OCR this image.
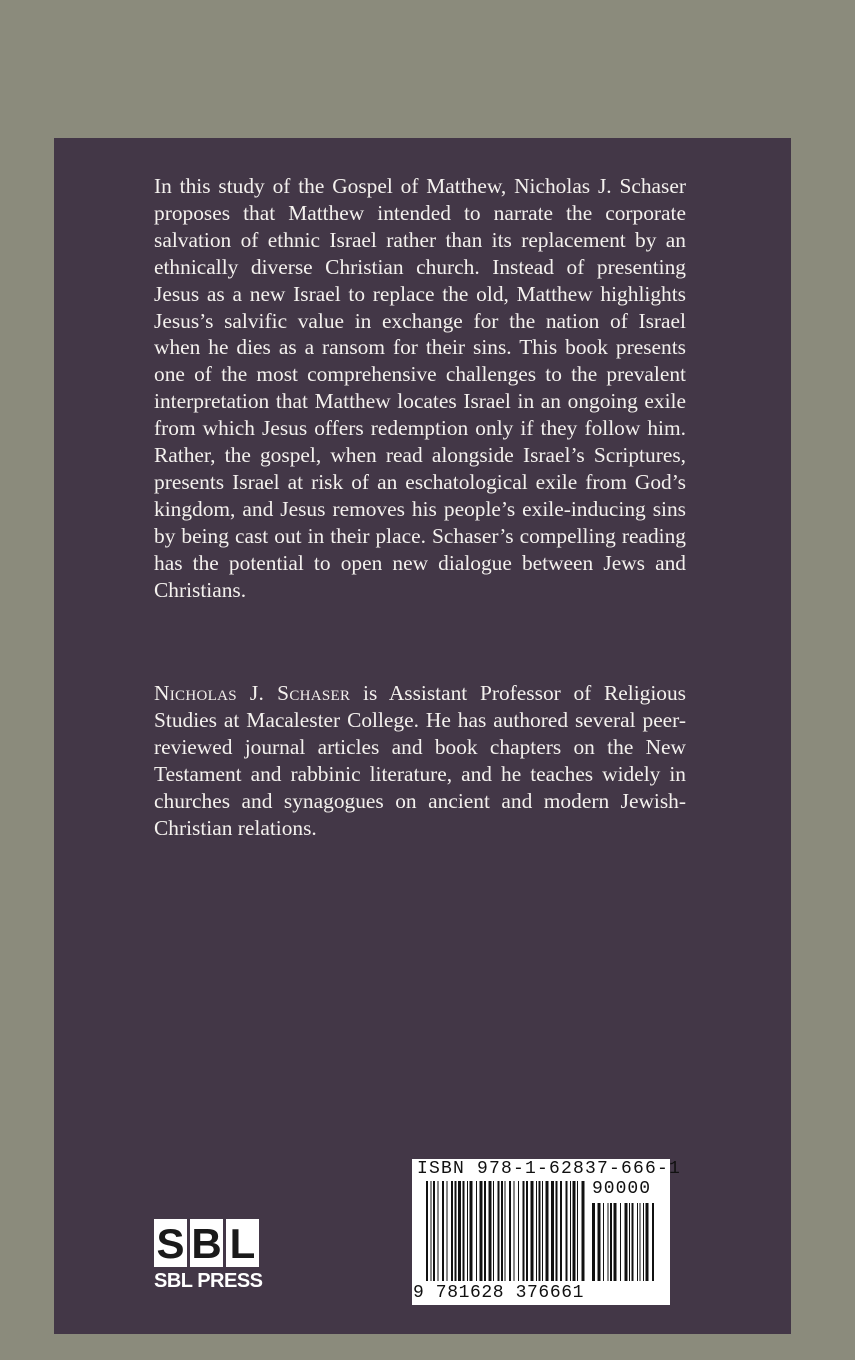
In this study of the Gospel of Matthew, Nicholas J. Schaser proposes that Matthew intended to narrate the corporate salvation of ethnic Israel rather than its replacement by an ethnically diverse Christian church. Instead of presenting Jesus as a new Israel to replace the old, Matthew highlights Jesus’s salvific value in exchange for the nation of Israel when he dies as a ransom for their sins. This book presents one of the most comprehensive challenges to the prevalent interpretation that Matthew locates Israel in an ongoing exile from which Jesus offers redemption only if they follow him. Rather, the gospel, when read alongside Israel’s Scriptures, presents Israel at risk of an eschatological exile from God’s kingdom, and Jesus removes his people’s exile-inducing sins by being cast out in their place. Schaser’s compelling reading has the potential to open new dialogue between Jews and Christians.

Nicholas J. Schaser is Assistant Professor of Religious Studies at Macalester College. He has authored several peer-reviewed journal articles and book chapters on the New Testament and rabbinic literature, and he teaches widely in churches and synagogues on ancient and modern Jewish-Christian relations.

S B L
SBL PRESS
ISBN 978-1-62837-666-1
90000
9 781628 376661
